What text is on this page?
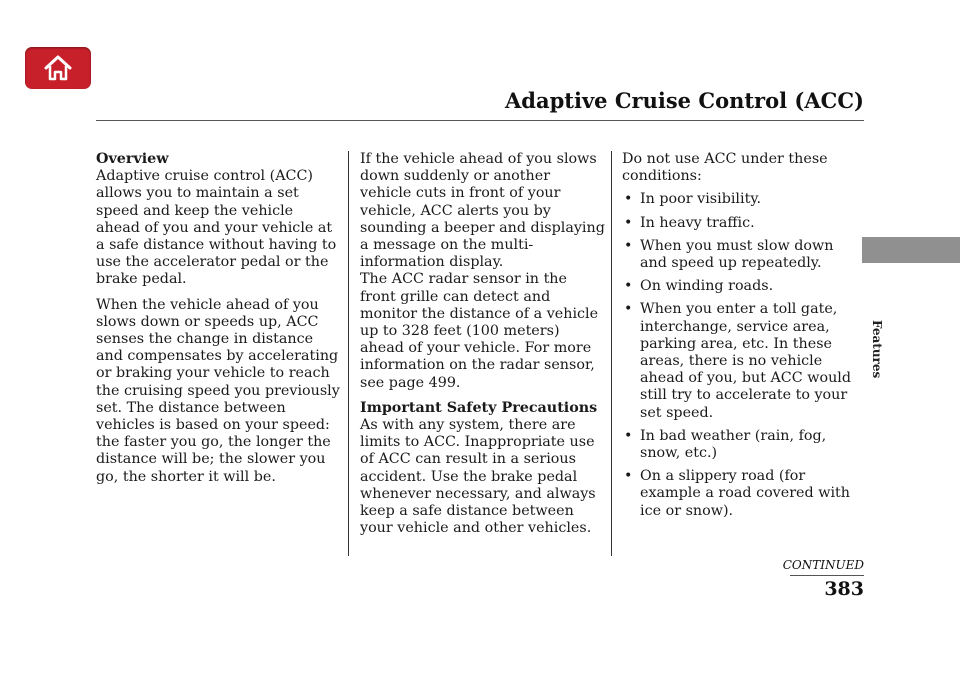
Adaptive Cruise Control (ACC)
Features
Overview

Adaptive cruise control (ACC) allows you to maintain a set speed and keep the vehicle ahead of you and your vehicle at a safe distance without having to use the accelerator pedal or the brake pedal.

When the vehicle ahead of you slows down or speeds up, ACC senses the change in distance and compensates by accelerating or braking your vehicle to reach the cruising speed you previously set. The distance between vehicles is based on your speed: the faster you go, the longer the distance will be; the slower you go, the shorter it will be.

If the vehicle ahead of you slows down suddenly or another vehicle cuts in front of your vehicle, ACC alerts you by sounding a beeper and displaying a message on the multi-information display.

The ACC radar sensor in the front grille can detect and monitor the distance of a vehicle up to 328 feet (100 meters) ahead of your vehicle. For more information on the radar sensor, see page 499.

Important Safety Precautions

As with any system, there are limits to ACC. Inappropriate use of ACC can result in a serious accident. Use the brake pedal whenever necessary, and always keep a safe distance between your vehicle and other vehicles.

Do not use ACC under these conditions:

• In poor visibility.
• In heavy traffic.
• When you must slow down and speed up repeatedly.
• On winding roads.
• When you enter a toll gate, interchange, service area, parking area, etc. In these areas, there is no vehicle ahead of you, but ACC would still try to accelerate to your set speed.
• In bad weather (rain, fog, snow, etc.)
• On a slippery road (for example a road covered with ice or snow).
CONTINUED
383
